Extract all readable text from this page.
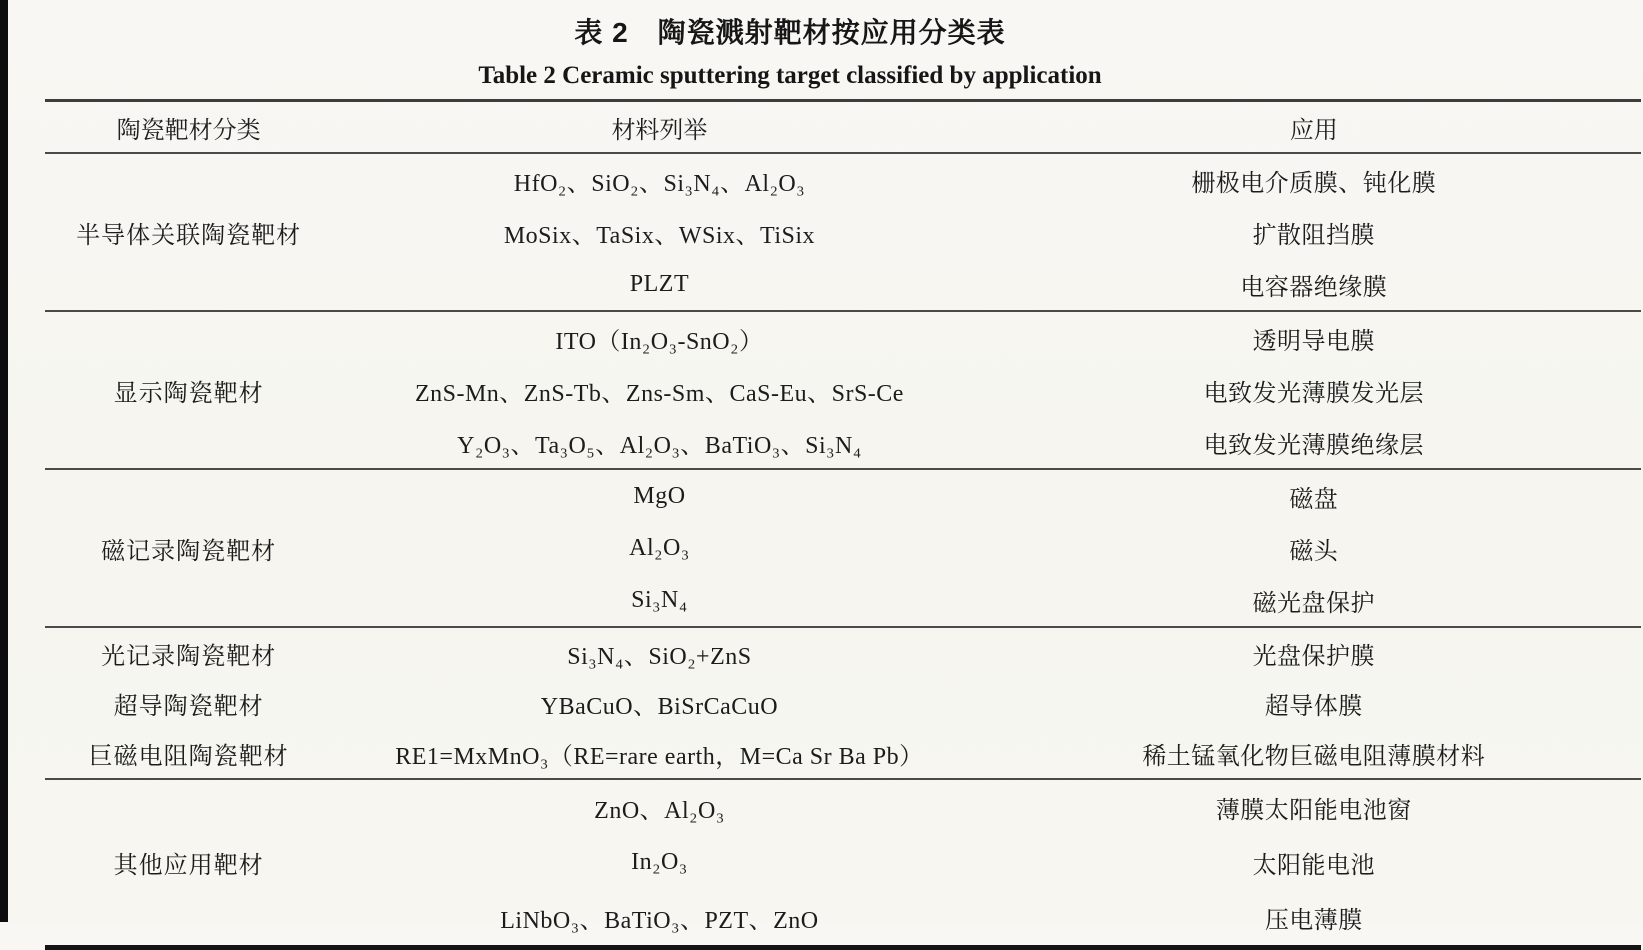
表 2　陶瓷溅射靶材按应用分类表
Table 2 Ceramic sputtering target classified by application
陶瓷靶材分类	材料列举	应用
半导体关联陶瓷靶材	HfO₂、SiO₂、Si₃N₄、Al₂O₃	栅极电介质膜、钝化膜
	MoSix、TaSix、WSix、TiSix	扩散阻挡膜
	PLZT	电容器绝缘膜
显示陶瓷靶材	ITO（In₂O₃-SnO₂）	透明导电膜
	ZnS-Mn、ZnS-Tb、Zns-Sm、CaS-Eu、SrS-Ce	电致发光薄膜发光层
	Y₂O₃、Ta₃O₅、Al₂O₃、BaTiO₃、Si₃N₄	电致发光薄膜绝缘层
磁记录陶瓷靶材	MgO	磁盘
	Al₂O₃	磁头
	Si₃N₄	磁光盘保护
光记录陶瓷靶材	Si₃N₄、SiO₂+ZnS	光盘保护膜
超导陶瓷靶材	YBaCuO、BiSrCaCuO	超导体膜
巨磁电阻陶瓷靶材	RE1=MxMnO₃（RE=rare earth，M=Ca Sr Ba Pb）	稀土锰氧化物巨磁电阻薄膜材料
其他应用靶材	ZnO、Al₂O₃	薄膜太阳能电池窗
	In₂O₃	太阳能电池
	LiNbO₃、BaTiO₃、PZT、ZnO	压电薄膜
